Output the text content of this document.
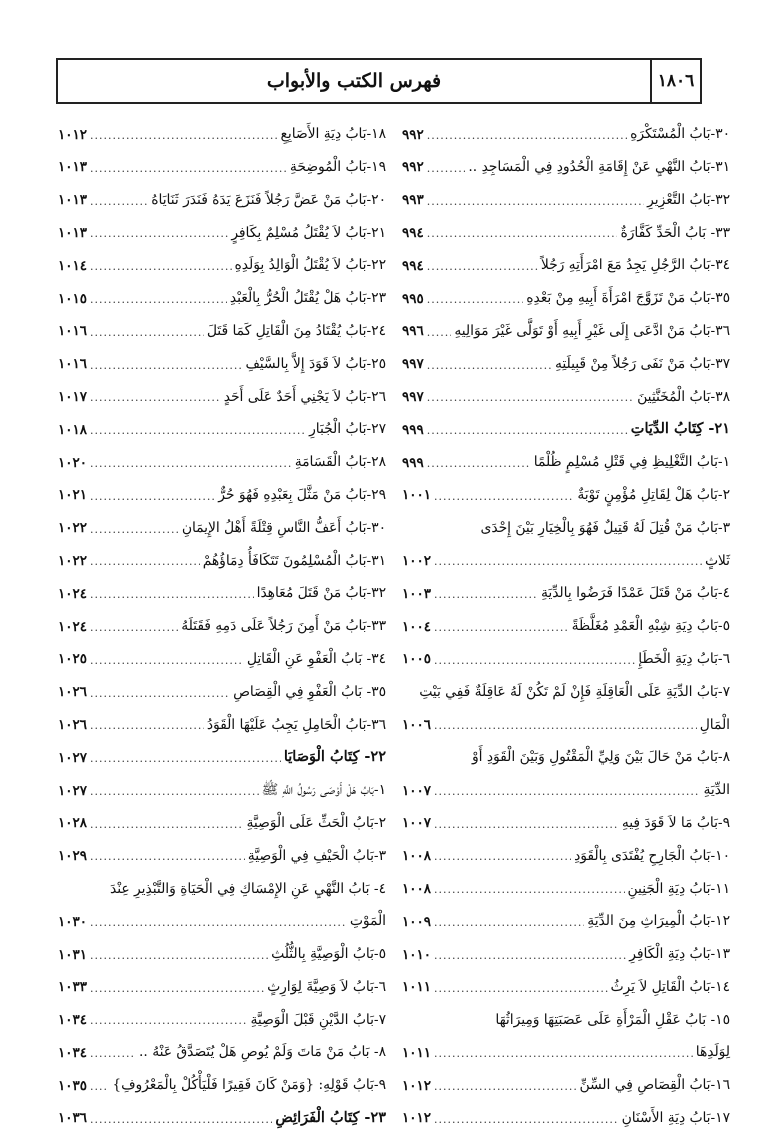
١٨٠٦
فهرس الكتب والأبواب
٣٠-بَابُ الْمُسْتَكْرَهِ
.....
٩٩٢
٣١-بَابُ النَّهْيِ عَنْ إِقَامَةِ الْحُدُودِ فِي الْمَسَاجِدِ ..
.....
٩٩٢
٣٢-بَابُ التَّعْزِيرِ
.....
٩٩٣
٣٣- بَابُ الْحَدِّ كَفَّارَةٌ
.....
٩٩٤
٣٤-بَابُ الرَّجُلِ يَجِدُ مَعَ امْرَأَتِهِ رَجُلاً
.....
٩٩٤
٣٥-بَابُ مَنْ تَزَوَّجَ امْرَأَةَ أَبِيهِ مِنْ بَعْدِهِ
.....
٩٩٥
٣٦-بَابُ مَنْ ادَّعَى إِلَى غَيْرِ أَبِيهِ أَوْ تَوَلَّى غَيْرَ مَوَالِيهِ
.....
٩٩٦
٣٧-بَابُ مَنْ نَفَى رَجُلاً مِنْ قَبِيلَتِهِ
.....
٩٩٧
٣٨-بَابُ الْمُخَنَّثِينَ
.....
٩٩٧
٢١- كِتَابُ الدِّيَاتِ
.....
٩٩٩
١-بَابُ التَّغْلِيظِ فِي قَتْلِ مُسْلِمٍ ظُلْمًا
.....
٩٩٩
٢-بَابُ هَلْ لِقَاتِلِ مُؤْمِنٍ تَوْبَةٌ
.....
١٠٠١
٣-بَابُ مَنْ قُتِلَ لَهُ قَتِيلٌ فَهُوَ بِالْخِيَارِ بَيْنَ إِحْدَى
ثَلاثٍ
.....
١٠٠٢
٤-بَابُ مَنْ قَتَلَ عَمْدًا فَرَضُوا بِالدِّيَةِ
.....
١٠٠٣
٥-بَابُ دِيَةِ شِبْهِ الْعَمْدِ مُغَلَّظَةً
.....
١٠٠٤
٦-بَابُ دِيَةِ الْخَطَإِ
.....
١٠٠٥
٧-بَابُ الدِّيَةِ عَلَى الْعَاقِلَةِ فَإِنْ لَمْ تَكُنْ لَهُ عَاقِلَةٌ فَفِي بَيْتِ
الْمَالِ
.....
١٠٠٦
٨-بَابُ مَنْ حَالَ بَيْنَ وَلِيِّ الْمَقْتُولِ وَبَيْنَ الْقَوَدِ أَوْ
الدِّيَةِ
.....
١٠٠٧
٩-بَابُ مَا لاَ قَوَدَ فِيهِ
.....
١٠٠٧
١٠-بَابُ الْجَارِحِ يُفْتَدَى بِالْقَوَدِ
.....
١٠٠٨
١١-بَابُ دِيَةِ الْجَنِينِ
.....
١٠٠٨
١٢-بَابُ الْمِيرَاثِ مِنَ الدِّيَةِ
.....
١٠٠٩
١٣-بَابُ دِيَةِ الْكَافِرِ
.....
١٠١٠
١٤-بَابُ الْقَاتِلِ لاَ يَرِثُ
.....
١٠١١
١٥- بَابُ عَقْلِ الْمَرْأَةِ عَلَى عَصَبَتِهَا وَمِيرَاثُهَا
لِوَلَدِهَا
.....
١٠١١
١٦-بَابُ الْقِصَاصِ فِي السِّنِّ
.....
١٠١٢
١٧-بَابُ دِيَةِ الأَسْنَانِ
.....
١٠١٢
١٨-بَابُ دِيَةِ الأَصَابِعِ
.....
١٠١٢
١٩-بَابُ الْمُوضِحَةِ
.....
١٠١٣
٢٠-بَابُ مَنْ عَضَّ رَجُلاً فَنَزَعَ يَدَهُ فَنَدَرَ ثَنَايَاهُ
.....
١٠١٣
٢١-بَابُ لاَ يُقْتَلُ مُسْلِمٌ بِكَافِرٍ
.....
١٠١٣
٢٢-بَابُ لاَ يُقْتَلُ الْوَالِدُ بِوَلَدِهِ
.....
١٠١٤
٢٣-بَابُ هَلْ يُقْتَلُ الْحُرُّ بِالْعَبْدِ
.....
١٠١٥
٢٤-بَابُ يُقْتَادُ مِنَ الْقَاتِلِ كَمَا قَتَلَ
.....
١٠١٦
٢٥-بَابُ لاَ قَوَدَ إِلاَّ بِالسَّيْفِ
.....
١٠١٦
٢٦-بَابُ لاَ يَجْنِي أَحَدٌ عَلَى أَحَدٍ
.....
١٠١٧
٢٧-بَابُ الْجُبَارِ
.....
١٠١٨
٢٨-بَابُ الْقَسَامَةِ
.....
١٠٢٠
٢٩-بَابُ مَنْ مَثَّلَ بِعَبْدِهِ فَهُوَ حُرٌّ
.....
١٠٢١
٣٠-بَابُ أَعَفُّ النَّاسِ قِتْلَةً أَهْلُ الإِيمَانِ
.....
١٠٢٢
٣١-بَابُ الْمُسْلِمُونَ تَتَكَافَأُ دِمَاؤُهُمْ
.....
١٠٢٢
٣٢-بَابُ مَنْ قَتَلَ مُعَاهِدًا
.....
١٠٢٤
٣٣-بَابُ مَنْ أَمِنَ رَجُلاً عَلَى دَمِهِ فَقَتَلَهُ
.....
١٠٢٤
٣٤- بَابُ الْعَفْوِ عَنِ الْقَاتِلِ
.....
١٠٢٥
٣٥- بَابُ الْعَفْوِ فِي الْقِصَاصِ
.....
١٠٢٦
٣٦-بَابُ الْحَامِلِ يَجِبُ عَلَيْهَا الْقَوَدُ
.....
١٠٢٦
٢٢- كِتَابُ الْوَصَايَا
.....
١٠٢٧
١-بَابُ هَلْ أَوْصَى رَسُولُ اللَّهِ ﷺ
.....
١٠٢٧
٢-بَابُ الْحَثِّ عَلَى الْوَصِيَّةِ
.....
١٠٢٨
٣-بَابُ الْحَيْفِ فِي الْوَصِيَّةِ
.....
١٠٢٩
٤- بَابُ النَّهْيِ عَنِ الإِمْسَاكِ فِي الْحَيَاةِ وَالتَّبْذِيرِ عِنْدَ
الْمَوْتِ
.....
١٠٣٠
٥-بَابُ الْوَصِيَّةِ بِالثُّلُثِ
.....
١٠٣١
٦-بَابُ لاَ وَصِيَّةَ لِوَارِثٍ
.....
١٠٣٣
٧-بَابُ الدَّيْنِ قَبْلَ الْوَصِيَّةِ
.....
١٠٣٤
٨- بَابُ مَنْ مَاتَ وَلَمْ يُوصِ هَلْ يُتَصَدَّقُ عَنْهُ ..
.....
١٠٣٤
٩-بَابُ قَوْلِهِ: {وَمَنْ كَانَ فَقِيرًا فَلْيَأْكُلْ بِالْمَعْرُوفِ}
.....
١٠٣٥
٢٣- كِتَابُ الْفَرَائِضِ
.....
١٠٣٦
